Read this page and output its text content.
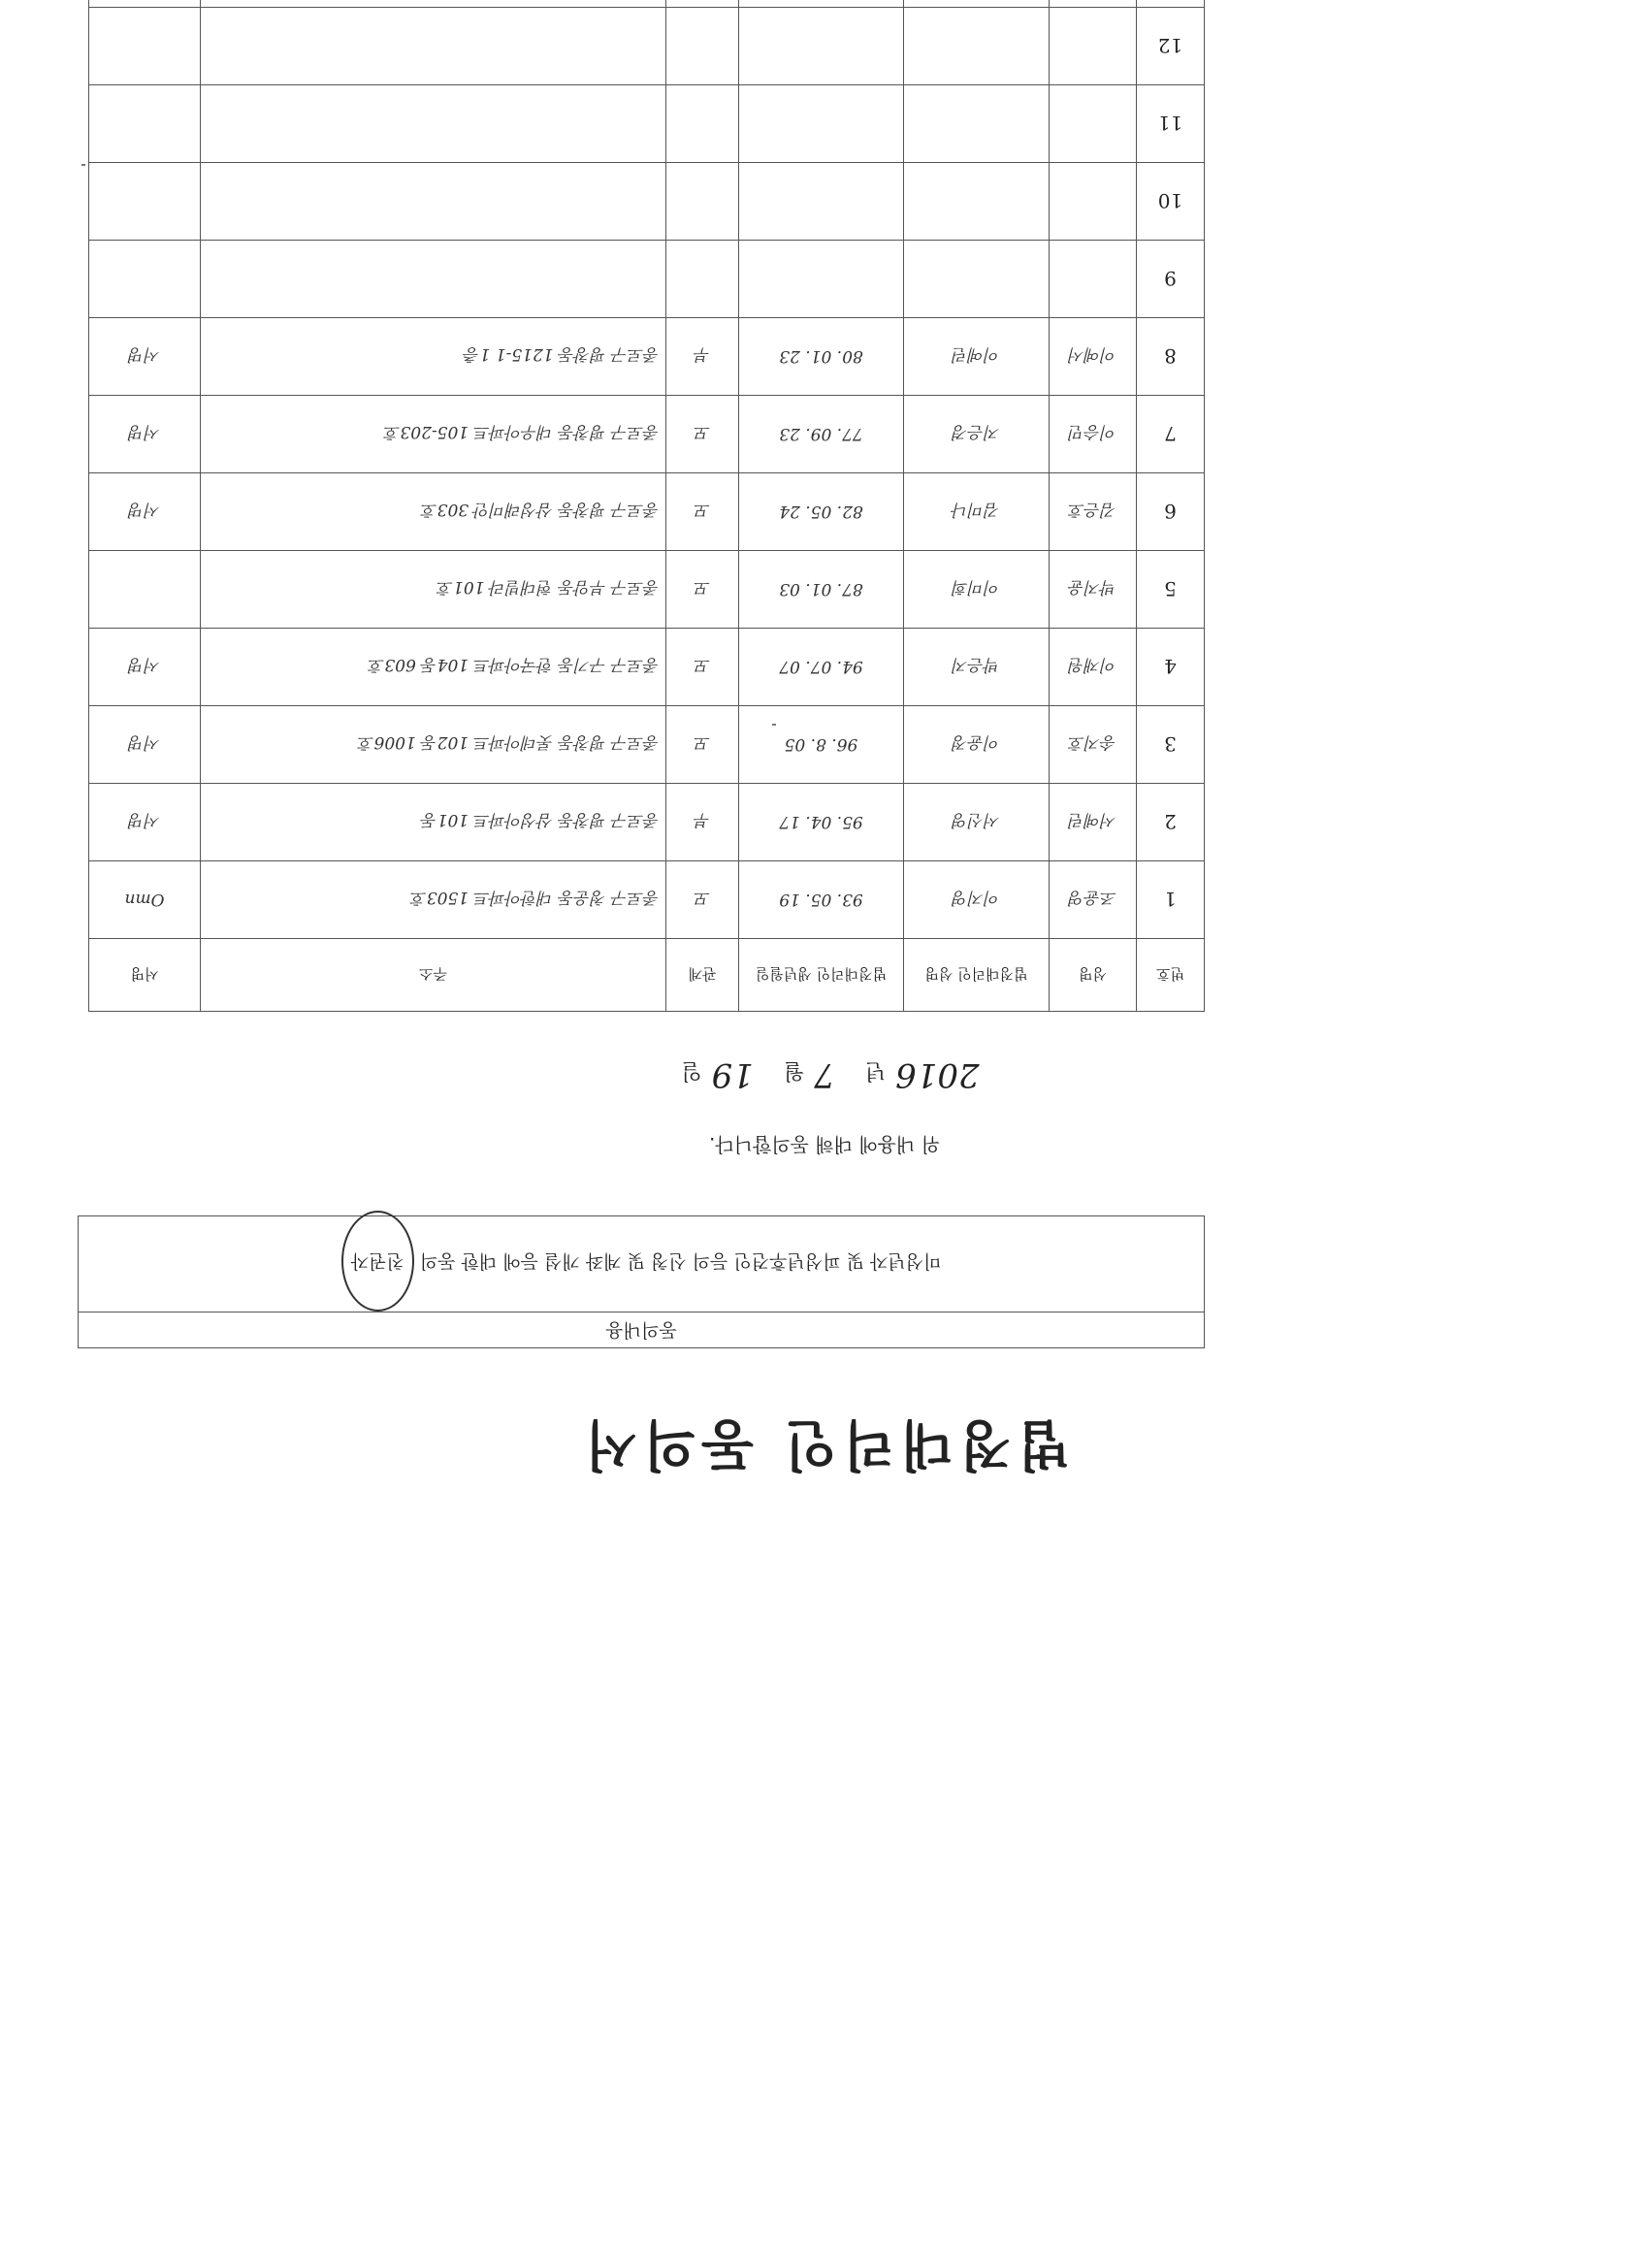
법정대리인 동의서
동의내용
미성년자 및 피성년후견인 등의 신청 및 계좌 개설 등에 대한 동의 친권자
위 내용에 대해 동의합니다.
2016년 7월 19일
번호	성명	법정대리인 성명	법정대리인 생년월일	관계	주소	서명
1	조윤영	이지영	93. 05. 19	모	종로구 청운동 대한아파트 1503호	Omn
2	서예린	서신영	95. 04. 17	부	종로구 평창동 삼성아파트 101동	서명
3	송지호	이윤정	96. 8. 05	모	종로구 평창동 롯데아파트 102동 1006호	서명
4	이재원	박은지	94. 07. 07	모	종로구 구기동 한국아파트 104동 603호	서명
5	박지윤	이미희	87. 01. 03	모	종로구 부암동 현대빌라 101호	
6	김은호	김미나	82. 05. 24	모	종로구 평창동 삼성래미안 303호	서명
7	이승민	지은경	77. 09. 23	모	종로구 평창동 대우아파트 105-203호	서명
8	이예서	이예린	80. 01. 23	부	종로구 평창동 1215-1 1층	서명
9						
10						
11						
12						
